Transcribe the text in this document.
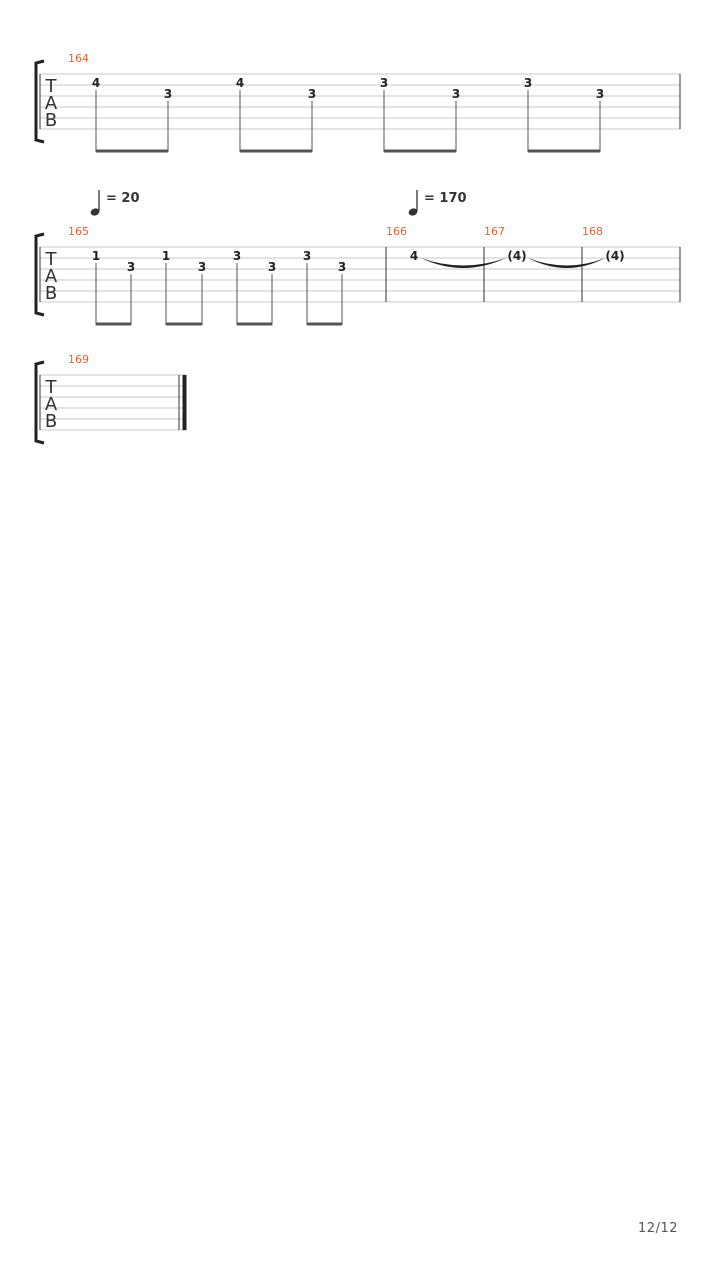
T
A
B
164
4
3
4
3
3
3
3
3
= 20	= 170
T
A
B
165	166	167	168
1
3
1
3
3
3
3
3
4	(4)	(4)
T
A
B
169
12/12
